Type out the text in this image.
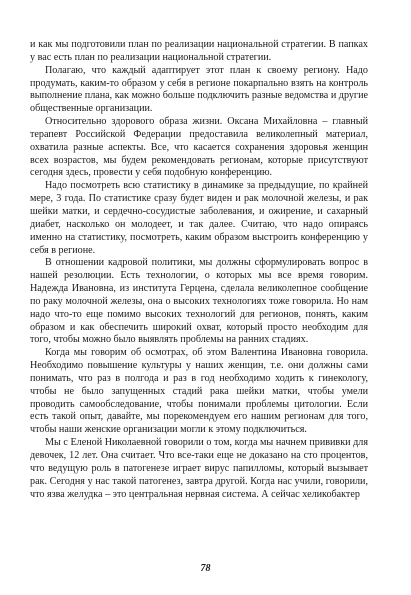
и как мы подготовили план по реализации национальной стратегии. В папках у вас есть план по реализации национальной стратегии.

Полагаю, что каждый адаптирует этот план к своему региону. Надо продумать, каким-то образом у себя в регионе покарпально взять на контроль выполнение плана, как можно больше подключить разные ведомства и другие общественные организации.

Относительно здорового образа жизни. Оксана Михайловна – главный терапевт Российской Федерации предоставила великолепный материал, охватила разные аспекты. Все, что касается сохранения здоровья женщин всех возрастов, мы будем рекомендовать регионам, которые присутствуют сегодня здесь, провести у себя подобную конференцию.

Надо посмотреть всю статистику в динамике за предыдущие, по крайней мере, 3 года. По статистике сразу будет виден и рак молочной железы, и рак шейки матки, и сердечно-сосудистые заболевания, и ожирение, и сахарный диабет, насколько он молодеет, и так далее. Считаю, что надо опираясь именно на статистику, посмотреть, каким образом выстроить конференцию у себя в регионе.

В отношении кадровой политики, мы должны сформулировать вопрос в нашей резолюции. Есть технологии, о которых мы все время говорим. Надежда Ивановна, из института Герцена, сделала великолепное сообщение по раку молочной железы, она о высоких технологиях тоже говорила. Но нам надо что-то еще помимо высоких технологий для регионов, понять, каким образом и как обеспечить широкий охват, который просто необходим для того, чтобы можно было выявлять проблемы на ранних стадиях.

Когда мы говорим об осмотрах, об этом Валентина Ивановна говорила. Необходимо повышение культуры у наших женщин, т.е. они должны сами понимать, что раз в полгода и раз в год необходимо ходить к гинекологу, чтобы не было запущенных стадий рака шейки матки, чтобы умели проводить самообследование, чтобы понимали проблемы цитологии. Если есть такой опыт, давайте, мы порекомендуем его нашим регионам для того, чтобы наши женские организации могли к этому подключиться.

Мы с Еленой Николаевной говорили о том, когда мы начнем прививки для девочек, 12 лет. Она считает. Что все-таки еще не доказано на сто процентов, что ведущую роль в патогенезе играет вирус папилломы, который вызывает рак. Сегодня у нас такой патогенез, завтра другой. Когда нас учили, говорили, что язва желудка – это центральная нервная система. А сейчас хеликобактер

78
